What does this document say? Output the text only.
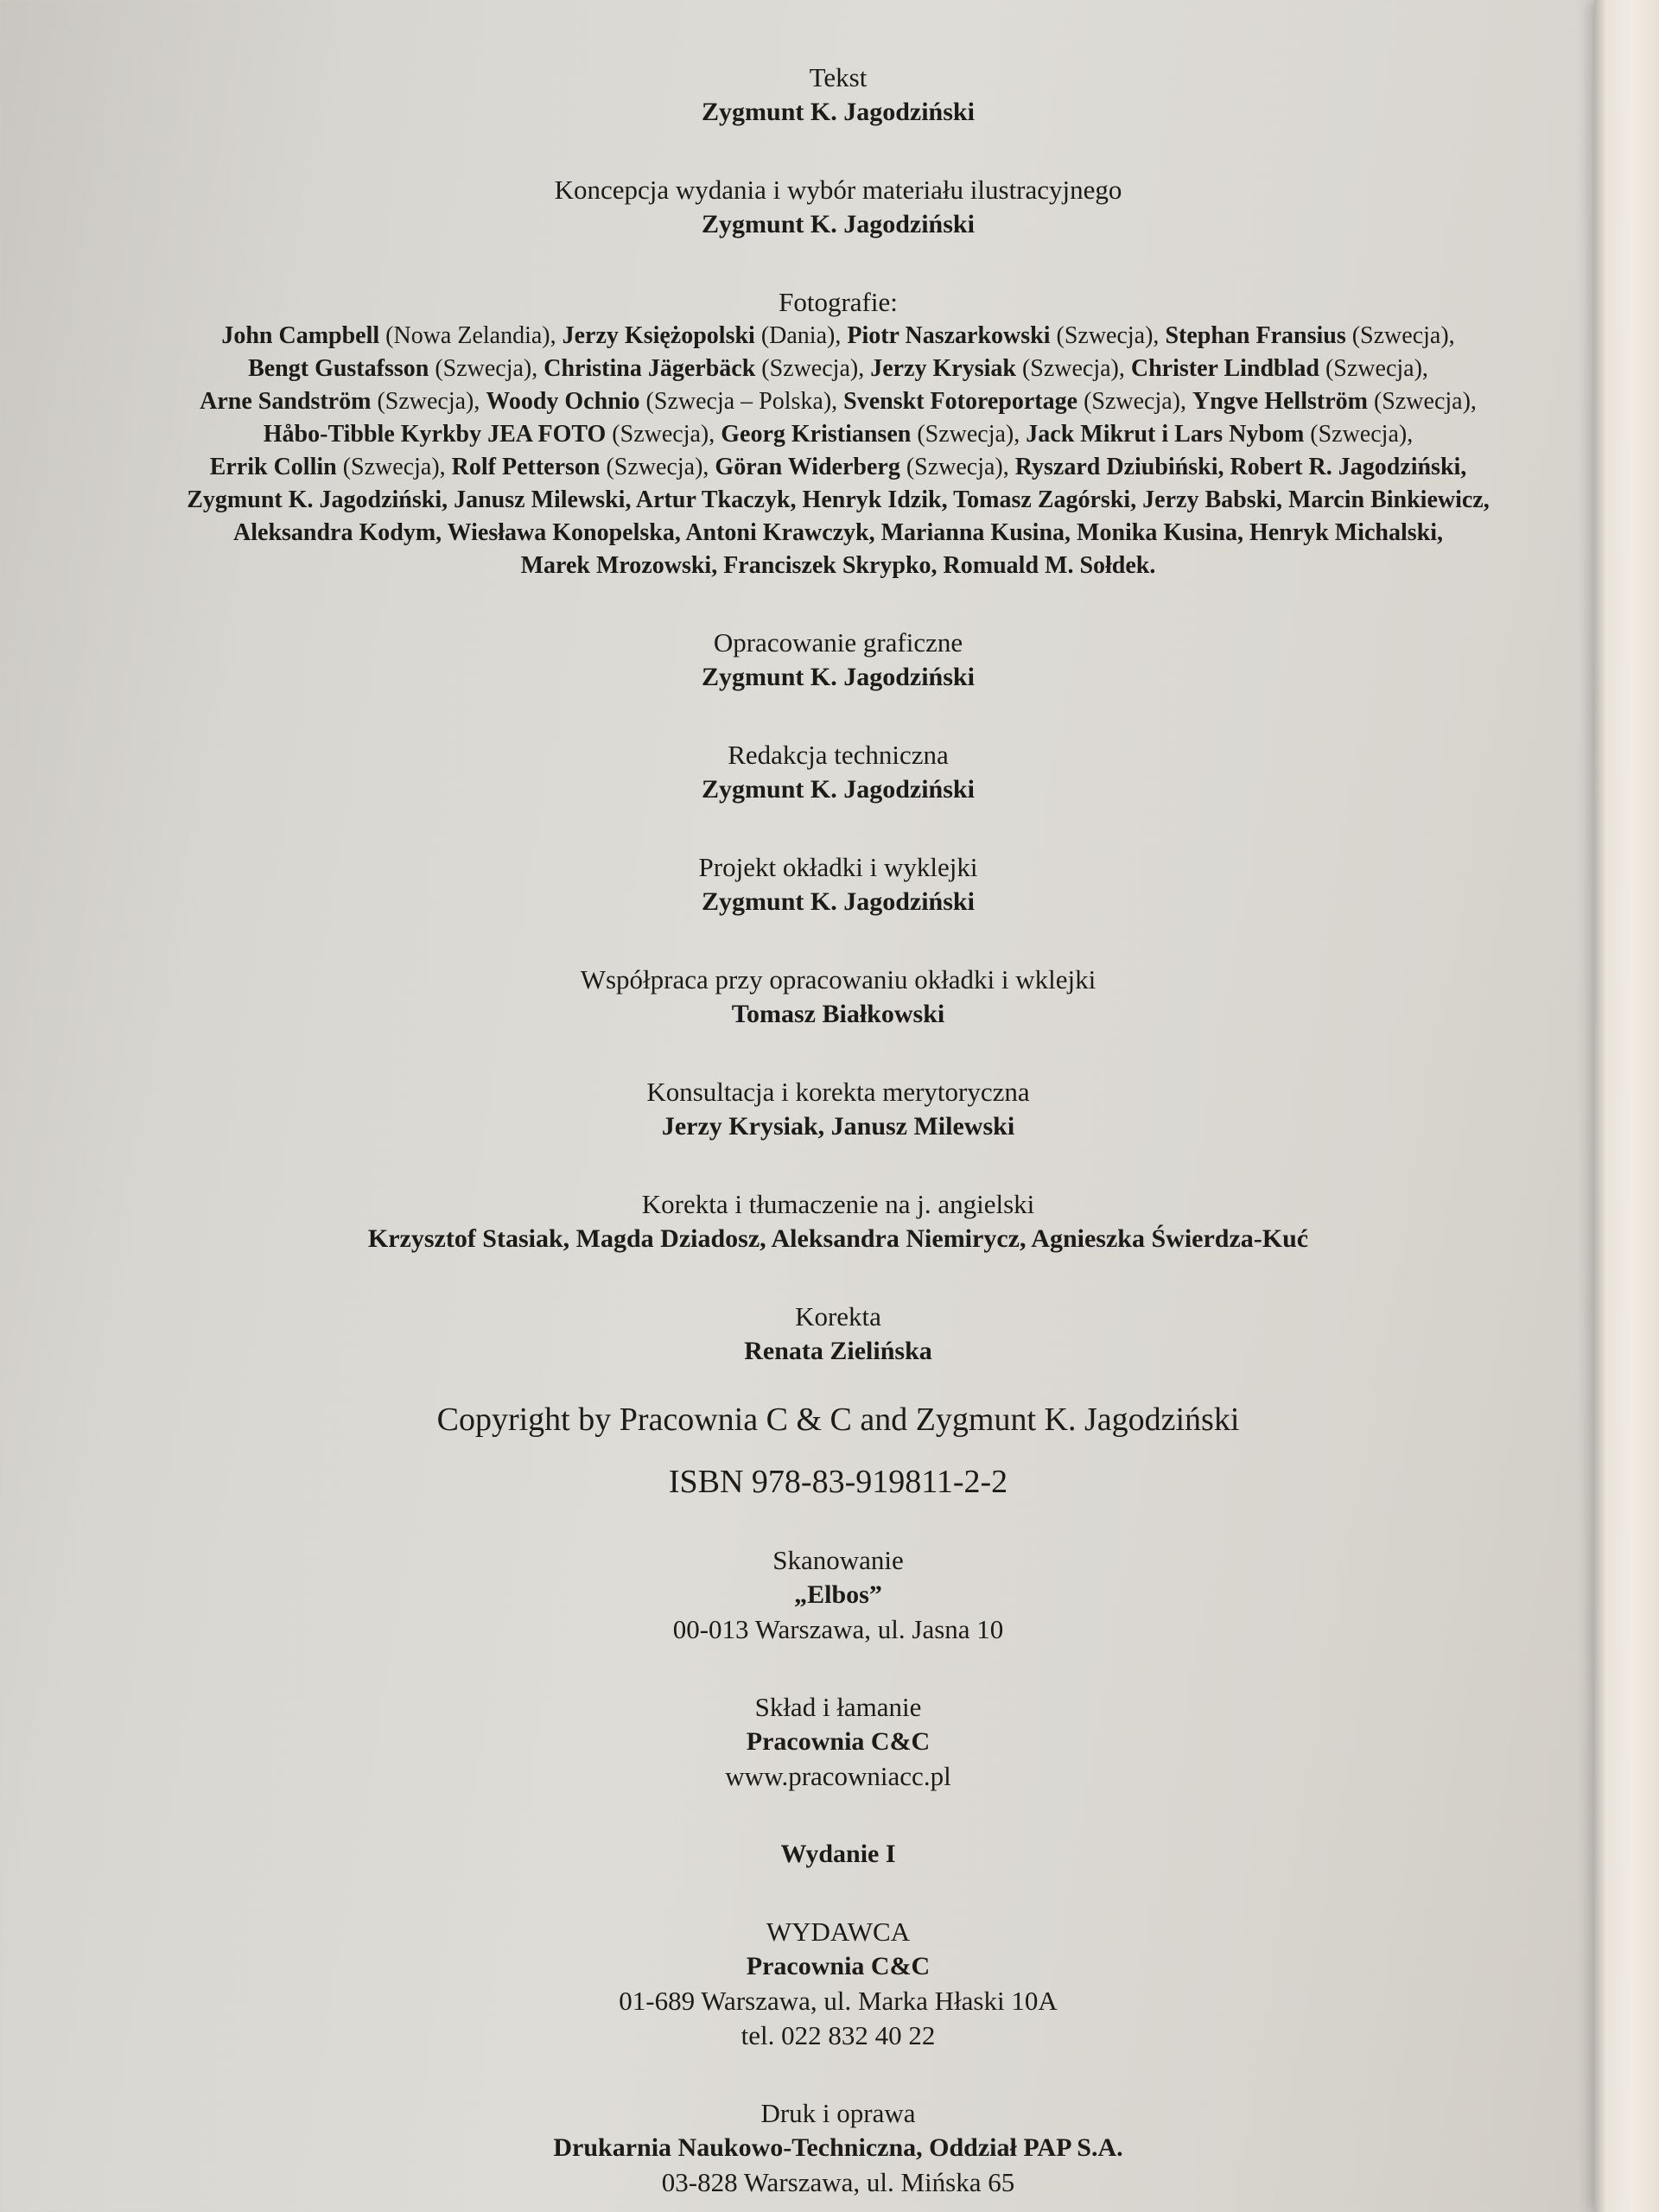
Tekst
Zygmunt K. Jagodziński
Koncepcja wydania i wybór materiału ilustracyjnego
Zygmunt K. Jagodziński
Fotografie:
John Campbell (Nowa Zelandia), Jerzy Księżopolski (Dania), Piotr Naszarkowski (Szwecja), Stephan Fransius (Szwecja),
Bengt Gustafsson (Szwecja), Christina Jägerbäck (Szwecja), Jerzy Krysiak (Szwecja), Christer Lindblad (Szwecja),
Arne Sandström (Szwecja), Woody Ochnio (Szwecja – Polska), Svenskt Fotoreportage (Szwecja), Yngve Hellström (Szwecja),
Håbo-Tibble Kyrkby JEA FOTO (Szwecja), Georg Kristiansen (Szwecja), Jack Mikrut i Lars Nybom (Szwecja),
Errik Collin (Szwecja), Rolf Petterson (Szwecja), Göran Widerberg (Szwecja), Ryszard Dziubiński, Robert R. Jagodziński,
Zygmunt K. Jagodziński, Janusz Milewski, Artur Tkaczyk, Henryk Idzik, Tomasz Zagórski, Jerzy Babski, Marcin Binkiewicz,
Aleksandra Kodym, Wiesława Konopelska, Antoni Krawczyk, Marianna Kusina, Monika Kusina, Henryk Michalski,
Marek Mrozowski, Franciszek Skrypko, Romuald M. Sołdek.
Opracowanie graficzne
Zygmunt K. Jagodziński
Redakcja techniczna
Zygmunt K. Jagodziński
Projekt okładki i wyklejki
Zygmunt K. Jagodziński
Współpraca przy opracowaniu okładki i wklejki
Tomasz Białkowski
Konsultacja i korekta merytoryczna
Jerzy Krysiak, Janusz Milewski
Korekta i tłumaczenie na j. angielski
Krzysztof Stasiak, Magda Dziadosz, Aleksandra Niemirycz, Agnieszka Świerdza-Kuć
Korekta
Renata Zielińska
Copyright by Pracownia C & C and Zygmunt K. Jagodziński
ISBN 978-83-919811-2-2
Skanowanie
„Elbos”
00-013 Warszawa, ul. Jasna 10
Skład i łamanie
Pracownia C&C
www.pracowniacc.pl
Wydanie I
WYDAWCA
Pracownia C&C
01-689 Warszawa, ul. Marka Hłaski 10A
tel. 022 832 40 22
Druk i oprawa
Drukarnia Naukowo-Techniczna, Oddział PAP S.A.
03-828 Warszawa, ul. Mińska 65
